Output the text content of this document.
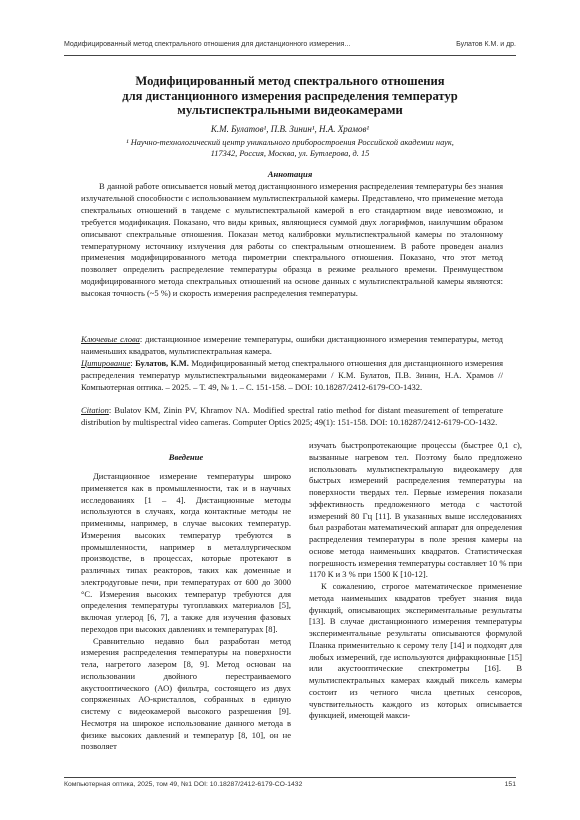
Модифицированный метод спектрального отношения для дистанционного измерения...	Булатов К.М. и др.
Модифицированный метод спектрального отношения
для дистанционного измерения распределения температур
мультиспектральными видеокамерами
К.М. Булатов¹, П.В. Зинин¹, Н.А. Храмов¹
¹ Научно-технологический центр уникального приборостроения Российской академии наук,
117342, Россия, Москва, ул. Бутлерова, д. 15
Аннотация

В данной работе описывается новый метод дистанционного измерения распределения температуры без знания излучательной способности с использованием мультиспектральной камеры. Представлено, что применение метода спектральных отношений в тандеме с мультиспектральной камерой в его стандартном виде невозможно, и требуется модификация. Показано, что виды кривых, являющиеся суммой двух логарифмов, наилучшим образом описывают спектральные отношения. Показан метод калибровки мультиспектральной камеры по эталонному температурному источнику излучения для работы со спектральным отношением. В работе проведен анализ применения модифицированного метода пирометрии спектрального отношения. Показано, что этот метод позволяет определить распределение температуры образца в режиме реального времени. Преимуществом модифицированного метода спектральных отношений на основе данных с мультиспектральной камеры являются: высокая точность (~5 %) и скорость измерения распределения температуры.

Ключевые слова: дистанционное измерение температуры, ошибки дистанционного измерения температуры, метод наименьших квадратов, мультиспектральная камера.
Цитирование: Булатов, К.М. Модифицированный метод спектрального отношения для дистанционного измерения распределения температур мультиспектральными видеокамерами / К.М. Булатов, П.В. Зинин, Н.А. Храмов // Компьютерная оптика. – 2025. – Т. 49, № 1. – С. 151-158. – DOI: 10.18287/2412-6179-CO-1432.
Citation: Bulatov KM, Zinin PV, Khramov NA. Modified spectral ratio method for distant measurement of temperature distribution by multispectral video cameras. Computer Optics 2025; 49(1): 151-158. DOI: 10.18287/2412-6179-CO-1432.
Введение

Дистанционное измерение температуры широко применяется как в промышленности, так и в научных исследованиях [1 – 4]. Дистанционные методы используются в случаях, когда контактные методы не применимы, например, в случае высоких температур. Измерения высоких температур требуются в промышленности, например в металлургическом производстве, в процессах, которые протекают в различных типах реакторов, таких как доменные и электродуговые печи, при температурах от 600 до 3000 °С. Измерения высоких температур требуются для определения температуры тугоплавких материалов [5], включая углерод [6, 7], а также для изучения фазовых переходов при высоких давлениях и температурах [8].

Сравнительно недавно был разработан метод измерения распределения температуры на поверхности тела, нагретого лазером [8, 9]. Метод основан на использовании двойного перестраиваемого акустооптического (АО) фильтра, состоящего из двух сопряженных АО-кристаллов, собранных в единую систему с видеокамерой высокого разрешения [9]. Несмотря на широкое использование данного метода в физике высоких давлений и температур [8, 10], он не позволяет

изучать быстропротекающие процессы (быстрее 0,1 с), вызванные нагревом тел. Поэтому было предложено использовать мультиспектральную видеокамеру для быстрых измерений распределения температуры на поверхности твердых тел. Первые измерения показали эффективность предложенного метода с частотой измерений 80 Гц [11]. В указанных выше исследованиях был разработан математический аппарат для определения распределения температуры в поле зрения камеры на основе метода наименьших квадратов. Статистическая погрешность измерения температуры составляет 10 % при 1170 К и 3 % при 1500 К [10-12].

К сожалению, строгое математическое применение метода наименьших квадратов требует знания вида функций, описывающих экспериментальные результаты [13]. В случае дистанционного измерения температуры экспериментальные результаты описываются формулой Планка применительно к серому телу [14] и подходят для любых измерений, где используются дифракционные [15] или акустооптические спектрометры [16]. В мультиспектральных камерах каждый пиксель камеры состоит из четного числа цветных сенсоров, чувствительность каждого из которых описывается функцией, имеющей макси-

Компьютерная оптика, 2025, том 49, №1 DOI: 10.18287/2412-6179-CO-1432	151
